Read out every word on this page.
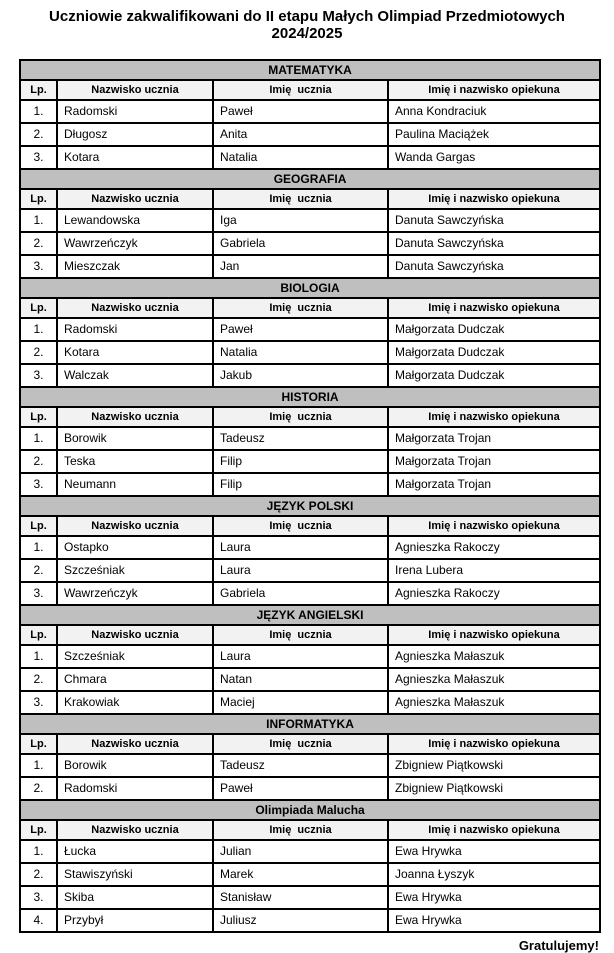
Uczniowie zakwalifikowani do II etapu Małych Olimpiad Przedmiotowych
2024/2025
MATEMATYKA			
Lp.	Nazwisko ucznia	Imię  ucznia	Imię i nazwisko opiekuna
1.	Radomski	Paweł	Anna Kondraciuk
2.	Długosz	Anita	Paulina Maciążek
3.	Kotara	Natalia	Wanda Gargas
GEOGRAFIA			
Lp.	Nazwisko ucznia	Imię  ucznia	Imię i nazwisko opiekuna
1.	Lewandowska	Iga	Danuta Sawczyńska
2.	Wawrzeńczyk	Gabriela	Danuta Sawczyńska
3.	Mieszczak	Jan	Danuta Sawczyńska
BIOLOGIA			
Lp.	Nazwisko ucznia	Imię  ucznia	Imię i nazwisko opiekuna
1.	Radomski	Paweł	Małgorzata Dudczak
2.	Kotara	Natalia	Małgorzata Dudczak
3.	Walczak	Jakub	Małgorzata Dudczak
HISTORIA			
Lp.	Nazwisko ucznia	Imię  ucznia	Imię i nazwisko opiekuna
1.	Borowik	Tadeusz	Małgorzata Trojan
2.	Teska	Filip	Małgorzata Trojan
3.	Neumann	Filip	Małgorzata Trojan
JĘZYK POLSKI			
Lp.	Nazwisko ucznia	Imię  ucznia	Imię i nazwisko opiekuna
1.	Ostapko	Laura	Agnieszka Rakoczy
2.	Szcześniak	Laura	Irena Lubera
3.	Wawrzeńczyk	Gabriela	Agnieszka Rakoczy
JĘZYK ANGIELSKI			
Lp.	Nazwisko ucznia	Imię  ucznia	Imię i nazwisko opiekuna
1.	Szcześniak	Laura	Agnieszka Małaszuk
2.	Chmara	Natan	Agnieszka Małaszuk
3.	Krakowiak	Maciej	Agnieszka Małaszuk
INFORMATYKA			
Lp.	Nazwisko ucznia	Imię  ucznia	Imię i nazwisko opiekuna
1.	Borowik	Tadeusz	Zbigniew Piątkowski
2.	Radomski	Paweł	Zbigniew Piątkowski
Olimpiada Malucha			
Lp.	Nazwisko ucznia	Imię  ucznia	Imię i nazwisko opiekuna
1.	Łucka	Julian	Ewa Hrywka
2.	Stawiszyński	Marek	Joanna Łyszyk
3.	Skiba	Stanisław	Ewa Hrywka
4.	Przybył	Juliusz	Ewa Hrywka
Gratulujemy!
